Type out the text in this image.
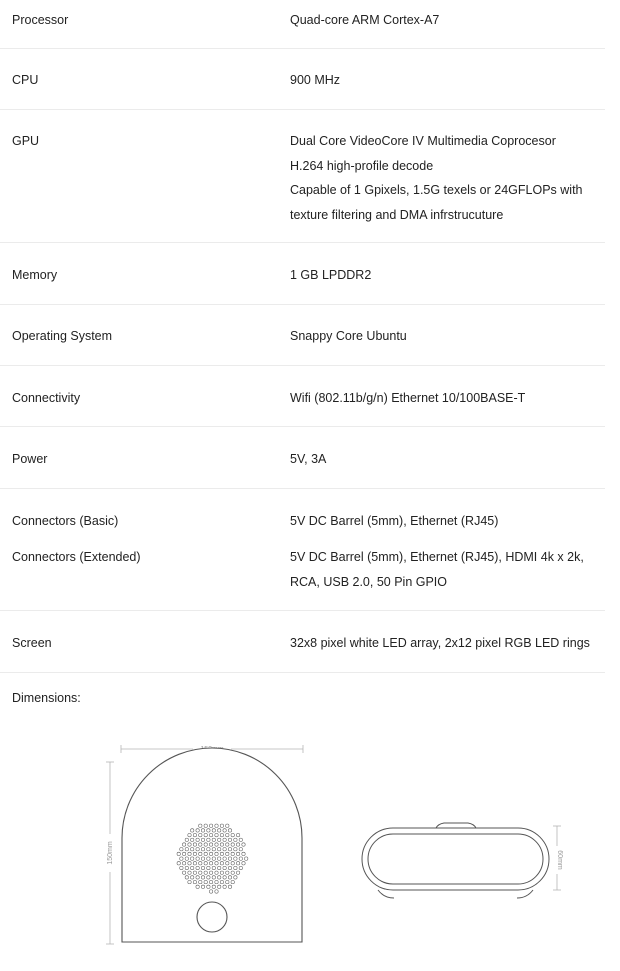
Processor	Quad-core ARM Cortex-A7
CPU	900 MHz
GPU	Dual Core VideoCore IV Multimedia Coprocesor
H.264 high-profile decode
Capable of 1 Gpixels, 1.5G texels or 24GFLOPs with
texture filtering and DMA infrstrucuture
Memory	1 GB LPDDR2
Operating System	Snappy Core Ubuntu
Connectivity	Wifi (802.11b/g/n) Ethernet 10/100BASE-T
Power	5V, 3A
Connectors (Basic)	5V DC Barrel (5mm), Ethernet (RJ45)
Connectors (Extended)	5V DC Barrel (5mm), Ethernet (RJ45), HDMI 4k x 2k,
RCA, USB 2.0, 50 Pin GPIO
Screen	32x8 pixel white LED array, 2x12 pixel RGB LED rings
Dimensions:
150mm	60mm
